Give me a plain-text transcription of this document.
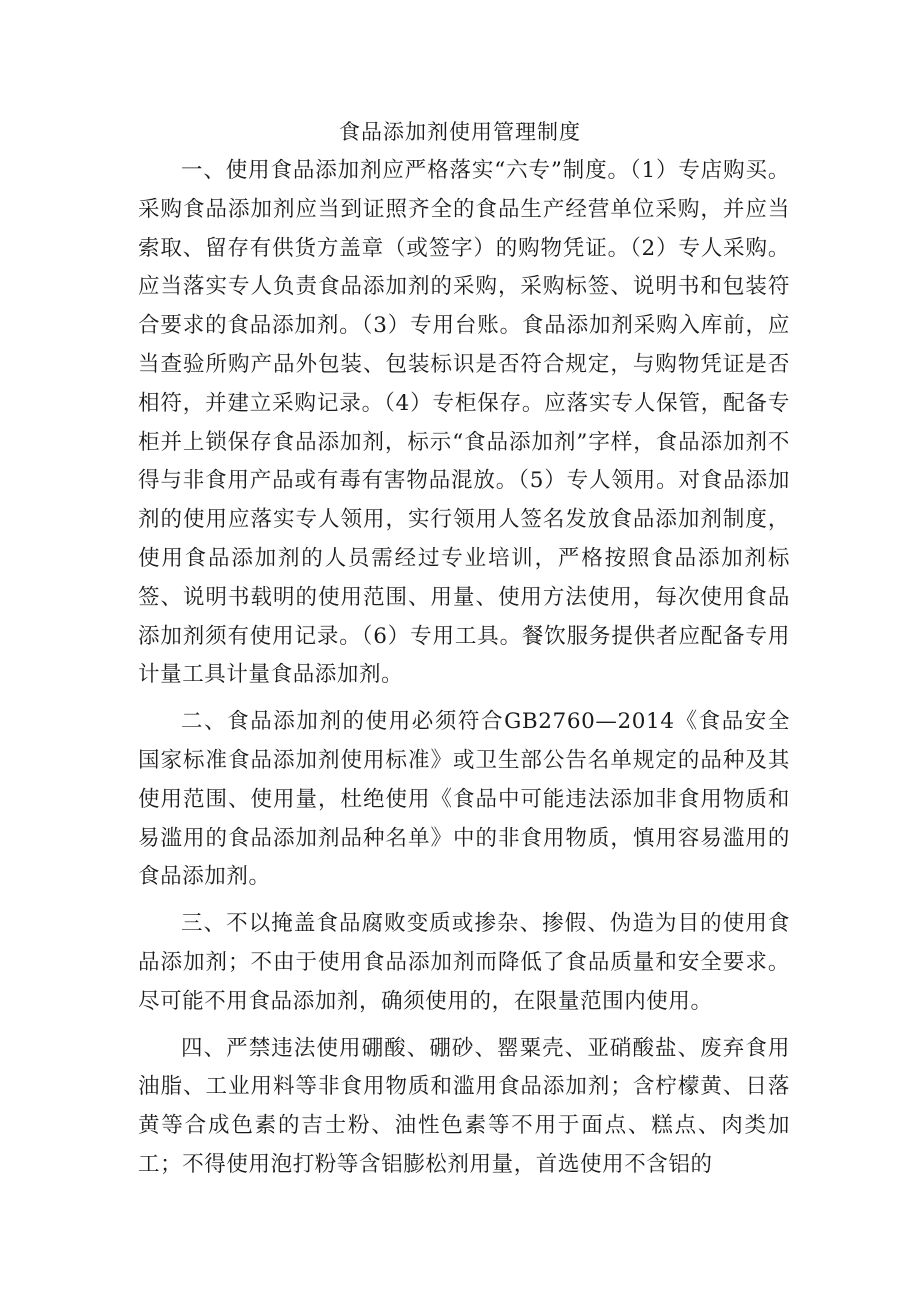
食品添加剂使用管理制度

一、使用食品添加剂应严格落实“六专”制度。（1）专店购买。采购食品添加剂应当到证照齐全的食品生产经营单位采购，并应当索取、留存有供货方盖章（或签字）的购物凭证。（2）专人采购。应当落实专人负责食品添加剂的采购，采购标签、说明书和包装符合要求的食品添加剂。（3）专用台账。食品添加剂采购入库前，应当查验所购产品外包装、包装标识是否符合规定，与购物凭证是否相符，并建立采购记录。（4）专柜保存。应落实专人保管，配备专柜并上锁保存食品添加剂，标示“食品添加剂”字样，食品添加剂不得与非食用产品或有毒有害物品混放。（5）专人领用。对食品添加剂的使用应落实专人领用，实行领用人签名发放食品添加剂制度，使用食品添加剂的人员需经过专业培训，严格按照食品添加剂标签、说明书载明的使用范围、用量、使用方法使用，每次使用食品添加剂须有使用记录。（6）专用工具。餐饮服务提供者应配备专用计量工具计量食品添加剂。

二、食品添加剂的使用必须符合GB2760—2014《食品安全国家标准食品添加剂使用标准》或卫生部公告名单规定的品种及其使用范围、使用量，杜绝使用《食品中可能违法添加非食用物质和易滥用的食品添加剂品种名单》中的非食用物质，慎用容易滥用的食品添加剂。

三、不以掩盖食品腐败变质或掺杂、掺假、伪造为目的使用食品添加剂；不由于使用食品添加剂而降低了食品质量和安全要求。尽可能不用食品添加剂，确须使用的，在限量范围内使用。

四、严禁违法使用硼酸、硼砂、罂粟壳、亚硝酸盐、废弃食用油脂、工业用料等非食用物质和滥用食品添加剂；含柠檬黄、日落黄等合成色素的吉士粉、油性色素等不用于面点、糕点、肉类加工；不得使用泡打粉等含铝膨松剂用量，首选使用不含铝的
